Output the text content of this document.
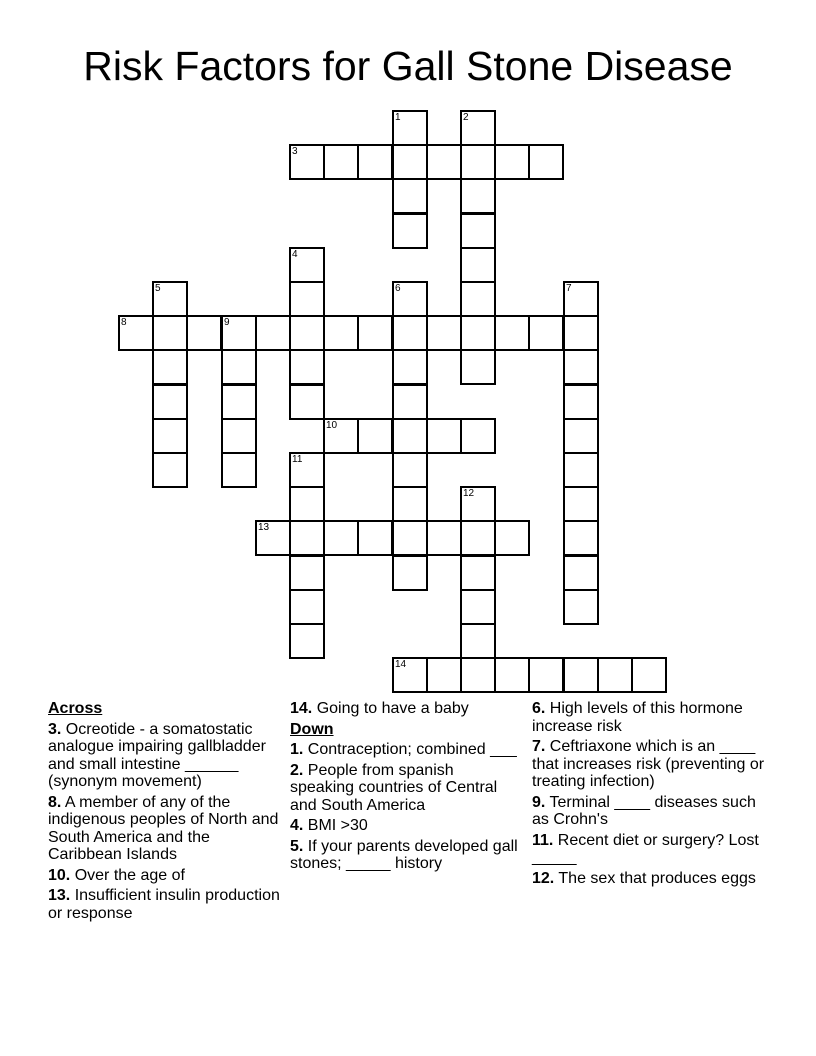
Risk Factors for Gall Stone Disease
1	2
3
4
5	6	7
8	9
10
11
12
13
14
Across
3. Ocreotide - a somatostatic analogue impairing gallbladder and small intestine ______ (synonym movement)
8. A member of any of the indigenous peoples of North and South America and the Caribbean Islands
10. Over the age of
13. Insufficient insulin production or response
14. Going to have a baby
Down
1. Contraception; combined ___
2. People from spanish speaking countries of Central and South America
4. BMI >30
5. If your parents developed gall stones; _____ history
6. High levels of this hormone increase risk
7. Ceftriaxone which is an ____ that increases risk (preventing or treating infection)
9. Terminal ____ diseases such as Crohn's
11. Recent diet or surgery? Lost _____
12. The sex that produces eggs
